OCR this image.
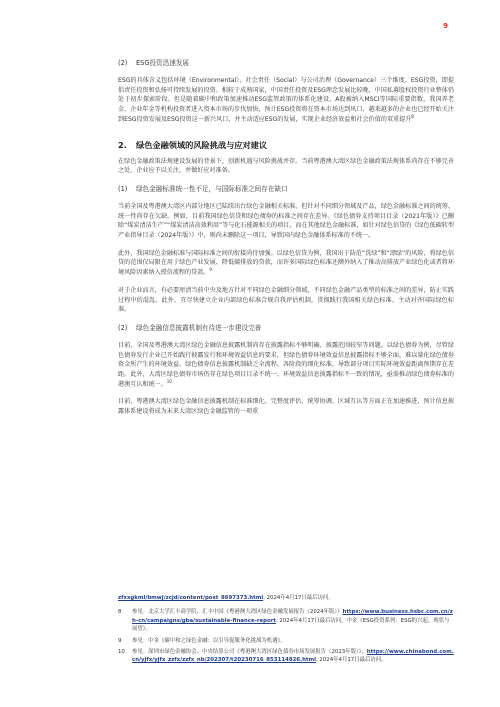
9
(2) ESG投资迅速发展

ESG的具体含义包括环境（Environmental）、社会责任（Social）与公司治理（Governance）三个维度。ESG投资，即提倡责任投资和弘扬可持续发展的投资。相较于成熟国家，中国责任投资及ESG理念发展比较晚，中国私募股权投资行业整体仍处于初步探索阶段。但是随着碳中和政策加速推动ESG监管政策的体系化建设，A股被纳入MSCI等国际重要指数，我国养老金、企业年金等机构投资者进入资本市场的步伐加快，预计ESG投资将在资本市场达到风口，越来越多的企业也已经开始关注到ESG投资发展及ESG投资这一新兴风口，并主动适应ESG的发展，实现企业经济效益和社会价值的双重提升$^8$

2. 绿色金融领域的风险挑战与应对建议

在绿色金融政策法规建设发展的背景下，创新机遇与风险挑战并存。当前粤港澳大湾区绿色金融政策法规体系尚存在不够完善之处，企业应予以关注，并做好应对准备。

(1) 绿色金融标准统一性不足，与国际标准之间存在缺口

当前全国及粤港澳大湾区内部分地区已陆续出台绿色金融相关标准，但针对不同细分领域及产品，绿色金融标准之间的统筹、统一性尚存在欠缺。例如，目前我国绿色信贷和绿色债券的标准之间存在差异。《绿色债券支持项目目录（2021年版）》已删除“煤炭清洁生产”“煤炭清洁高效利用”等与化石能源相关的项目，而在其他绿色金融标准，如针对绿色信贷的《绿色低碳转型产业指导目录（2024年版）》中，则尚未删除这一项目，导致国内绿色金融体系标准的不统一。

此外，我国绿色金融标准与国际标准之间的衔接尚待加强。以绿色信贷为例，我国出于防范“洗绿”和“漂绿”的风险，将绿色信贷的范围仅局限在用于绿色产业发展、降低碳排放的贷款，而许多国际绿色标准还额外纳入了推动高排放产业绿色化或者将环境风险因素纳入授信流程的贷款。$^9$

对于企业而言，有必要厘清当前中央及地方针对不同绿色金融细分领域、不同绿色金融产品类型的标准之间的差异，防止实践过程中的混乱。此外，宜尽快建立企业内部绿色标准合规自我评估机制，贯彻践行我国相关绿色标准、主动对齐国际绿色标准。

(2) 绿色金融信息披露机制有待进一步建设完善

目前，全国及粤港澳大湾区绿色金融信息披露机制尚存在披露指标不够明确、披露范围较窄等问题。以绿色债券为例，尽管绿色债券发行企业已开始践行披露发行和环境效益信息的要求，但绿色债券环境效益信息披露指标不够全面，难以量化绿色债券资金所产生的环境效益。绿色债券信息披露机制缺乏全流程、各阶段的细化标准，导致部分项目实际环境效益距离预期存在差距。此外，大湾区绿色债券市场仍存在绿色项目目录不统一、环境效益信息披露指标不一致的情况，亟需推动绿色债券标准的港澳互认和统一。$^{10}$

目前，粤港澳大湾区绿色金融信息披露机制在标准细化、完整度评估、统筹协调、区域互认等方面正在加速推进，预计信息披露体系建设将成为未来大湾区绿色金融监管的一项重

zfxxgkml/bmwj/zcjd/content/post_8697373.html, 2024年4月17日最后访问。
8	参见：北京大学汇丰商学院、汇丰中国《粤港澳大湾区绿色金融发展报告（2024年版）》https://www.business.hsbc.com.cn/zh-cn/campaigns/gba/sustainable-finance-report, 2024年4月17日最后访问。中金《ESG投资系列：ESG的兴起、现状与展望》。
9	参见：中金《碳中和之绿色金融：以引导促服务化挑战为机遇》。
10	参见：深圳市绿色金融协会、中央结算公司《粤港澳大湾区绿色债券市场发展报告（2023年版）》，https://www.chinabond.com.cn/yjfx/yjfx_zzfx/zzfx_nb/202307/t20230716_853114826.html, 2024年4月17日最后访问。
